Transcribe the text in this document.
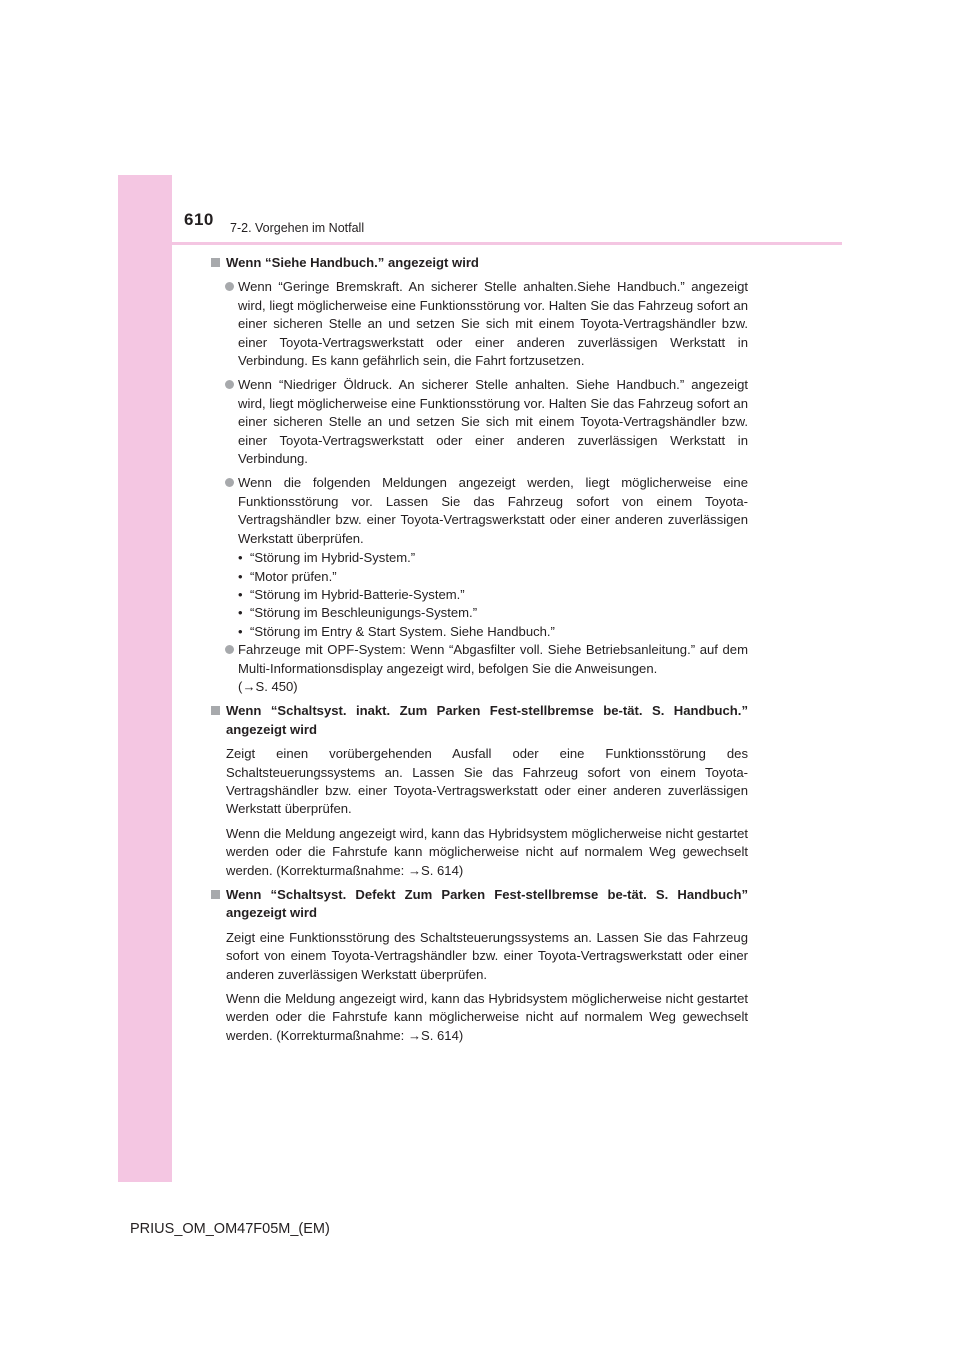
610 7-2. Vorgehen im Notfall
Wenn “Siehe Handbuch.” angezeigt wird
Wenn “Geringe Bremskraft. An sicherer Stelle anhalten.Siehe Handbuch.” angezeigt wird, liegt möglicherweise eine Funktionsstörung vor. Halten Sie das Fahrzeug sofort an einer sicheren Stelle an und setzen Sie sich mit einem Toyota-Vertragshändler bzw. einer Toyota-Vertragswerkstatt oder einer anderen zuverlässigen Werkstatt in Verbindung. Es kann gefährlich sein, die Fahrt fortzusetzen.
Wenn “Niedriger Öldruck. An sicherer Stelle anhalten. Siehe Handbuch.” angezeigt wird, liegt möglicherweise eine Funktionsstörung vor. Halten Sie das Fahrzeug sofort an einer sicheren Stelle an und setzen Sie sich mit einem Toyota-Vertragshändler bzw. einer Toyota-Vertragswerkstatt oder einer anderen zuverlässigen Werkstatt in Verbindung.
Wenn die folgenden Meldungen angezeigt werden, liegt möglicherweise eine Funktionsstörung vor. Lassen Sie das Fahrzeug sofort von einem Toyota-Vertragshändler bzw. einer Toyota-Vertragswerkstatt oder einer anderen zuverlässigen Werkstatt überprüfen.
• “Störung im Hybrid-System.”
• “Motor prüfen.”
• “Störung im Hybrid-Batterie-System.”
• “Störung im Beschleunigungs-System.”
• “Störung im Entry & Start System. Siehe Handbuch.”
Fahrzeuge mit OPF-System: Wenn “Abgasfilter voll. Siehe Betriebsanleitung.” auf dem Multi-Informationsdisplay angezeigt wird, befolgen Sie die Anweisungen.
(→S. 450)
Wenn “Schaltsyst. inakt. Zum Parken Fest-stellbremse be-tät. S. Handbuch.” angezeigt wird
Zeigt einen vorübergehenden Ausfall oder eine Funktionsstörung des Schaltsteuerungssystems an. Lassen Sie das Fahrzeug sofort von einem Toyota-Vertragshändler bzw. einer Toyota-Vertragswerkstatt oder einer anderen zuverlässigen Werkstatt überprüfen.
Wenn die Meldung angezeigt wird, kann das Hybridsystem möglicherweise nicht gestartet werden oder die Fahrstufe kann möglicherweise nicht auf normalem Weg gewechselt werden. (Korrekturmaßnahme: →S. 614)
Wenn “Schaltsyst. Defekt Zum Parken Fest-stellbremse be-tät. S. Handbuch” angezeigt wird
Zeigt eine Funktionsstörung des Schaltsteuerungssystems an. Lassen Sie das Fahrzeug sofort von einem Toyota-Vertragshändler bzw. einer Toyota-Vertragswerkstatt oder einer anderen zuverlässigen Werkstatt überprüfen.
Wenn die Meldung angezeigt wird, kann das Hybridsystem möglicherweise nicht gestartet werden oder die Fahrstufe kann möglicherweise nicht auf normalem Weg gewechselt werden. (Korrekturmaßnahme: →S. 614)
PRIUS_OM_OM47F05M_(EM)
